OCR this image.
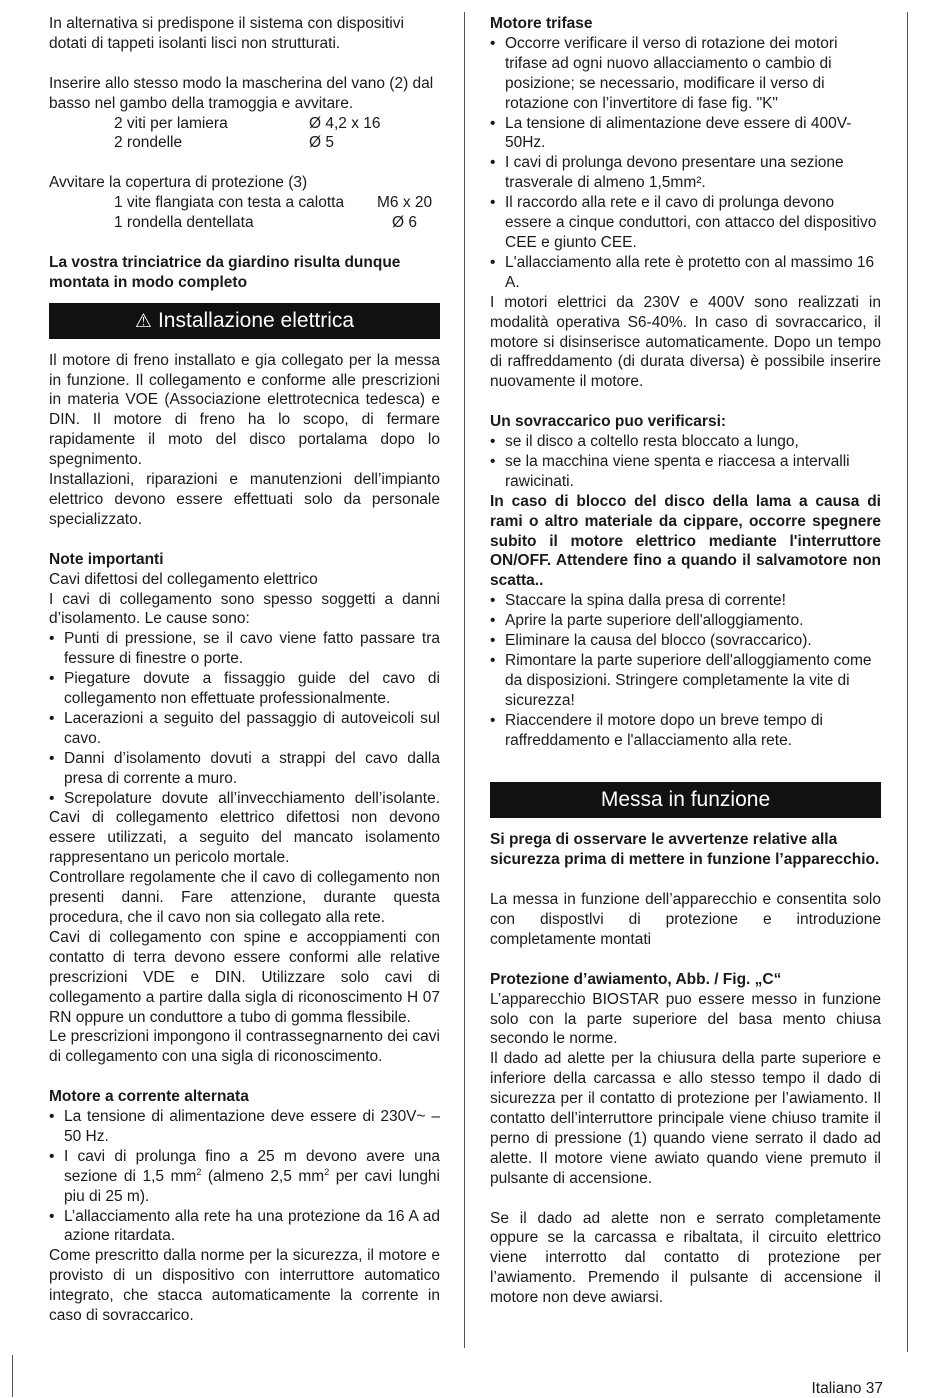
In alternativa si predispone il sistema con dispositivi dotati di tappeti isolanti lisci non strutturati.

Inserire allo stesso modo la mascherina del vano (2) dal basso nel gambo della tramoggia e avvitare.

2 viti per lamiera	Ø 4,2 x 16
2 rondelle	Ø 5

Avvitare la copertura di protezione (3)

1 vite flangiata con testa a calotta	M6 x 20
1 rondella dentellata	Ø 6

La vostra trinciatrice da giardino risulta dunque montata in modo completo

⚠ Installazione elettrica

Il motore di freno installato e gia collegato per la messa in funzione. Il collegamento e conforme alle prescrizioni in materia VOE (Associazione elettrotecnica tedesca) e DIN. Il motore di freno ha lo scopo, di fermare rapidamente il moto del disco portalama dopo lo spegnimento.

Installazioni, riparazioni e manutenzioni dell’impianto elettrico devono essere effettuati solo da personale specializzato.

Note importanti

Cavi difettosi del collegamento elettrico

I cavi di collegamento sono spesso soggetti a danni d’isolamento. Le cause sono:

• Punti di pressione, se il cavo viene fatto passare tra fessure di finestre o porte.
• Piegature dovute a fissaggio guide del cavo di collegamento non effettuate professionalmente.
• Lacerazioni a seguito del passaggio di autoveicoli sul cavo.
• Danni d’isolamento dovuti a strappi del cavo dalla presa di corrente a muro.
• Screpolature dovute all’invecchiamento dell’isolante.

Cavi di collegamento elettrico difettosi non devono essere utilizzati, a seguito del mancato isolamento rappresentano un pericolo mortale.

Controllare regolamente che il cavo di collegamento non presenti danni. Fare attenzione, durante questa procedura, che il cavo non sia collegato alla rete.

Cavi di collegamento con spine e accoppiamenti con contatto di terra devono essere conformi alle relative prescrizioni VDE e DIN. Utilizzare solo cavi di collegamento a partire dalla sigla di riconoscimento H 07 RN oppure un conduttore a tubo di gomma flessibile.

Le prescrizioni impongono il contrassegnarnento dei cavi di collegamento con una sigla di riconoscimento.

Motore a corrente alternata

• La tensione di alimentazione deve essere di 230V~ – 50 Hz.
• I cavi di prolunga fino a 25 m devono avere una sezione di 1,5 $mm^2$ (almeno 2,5 $mm^2$ per cavi lunghi piu di 25 m).
• L’allacciamento alla rete ha una protezione da 16 A ad azione ritardata.

Come prescritto dalla norme per la sicurezza, il motore e provisto di un dispositivo con interruttore automatico integrato, che stacca automaticamente la corrente in caso di sovraccarico.

Motore trifase

• Occorre verificare il verso di rotazione dei motori trifase ad ogni nuovo allacciamento o cambio di posizione; se necessario, modificare il verso di rotazione con l’invertitore di fase fig. "K"
• La tensione di alimentazione deve essere di 400V-50Hz.
• I cavi di prolunga devono presentare una sezione trasverale di almeno 1,5mm².
• Il raccordo alla rete e il cavo di prolunga devono essere a cinque conduttori, con attacco del dispositivo CEE e giunto CEE.
• L'allacciamento alla rete è protetto con al massimo 16 A.

I motori elettrici da 230V e 400V sono realizzati in modalità operativa S6-40%. In caso di sovraccarico, il motore si disinserisce automaticamente. Dopo un tempo di raffreddamento (di durata diversa) è possibile inserire nuovamente il motore.

Un sovraccarico puo verificarsi:

• se il disco a coltello resta bloccato a lungo,
• se la macchina viene spenta e riaccesa a intervalli rawicinati.

In caso di blocco del disco della lama a causa di rami o altro materiale da cippare, occorre spegnere subito il motore elettrico mediante l'interruttore ON/OFF. Attendere fino a quando il salvamotore non scatta..

• Staccare la spina dalla presa di corrente!
• Aprire la parte superiore dell'alloggiamento.
• Eliminare la causa del blocco (sovraccarico).
• Rimontare la parte superiore dell'alloggiamento come da disposizioni. Stringere completamente la vite di sicurezza!
• Riaccendere il motore dopo un breve tempo di raffreddamento e l'allacciamento alla rete.
Messa in funzione

Si prega di osservare le avvertenze relative alla sicurezza prima di mettere in funzione l’apparecchio.

La messa in funzione dell’apparecchio e consentita solo con dispostlvi di protezione e introduzione completamente montati

Protezione d’awiamento, Abb. / Fig. „C“

L’apparecchio BIOSTAR puo essere messo in funzione solo con la parte superiore del basa mento chiusa secondo le norme.

Il dado ad alette per la chiusura della parte superiore e inferiore della carcassa e allo stesso tempo il dado di sicurezza per il contatto di protezione per l’awiamento. Il contatto dell’interruttore principale viene chiuso tramite il perno di pressione (1) quando viene serrato il dado ad alette. Il motore viene awiato quando viene premuto il pulsante di accensione.

Se il dado ad alette non e serrato completamente oppure se la carcassa e ribaltata, il circuito elettrico viene interrotto dal contatto di protezione per l’awiamento. Premendo il pulsante di accensione il motore non deve awiarsi.

Italiano 37
